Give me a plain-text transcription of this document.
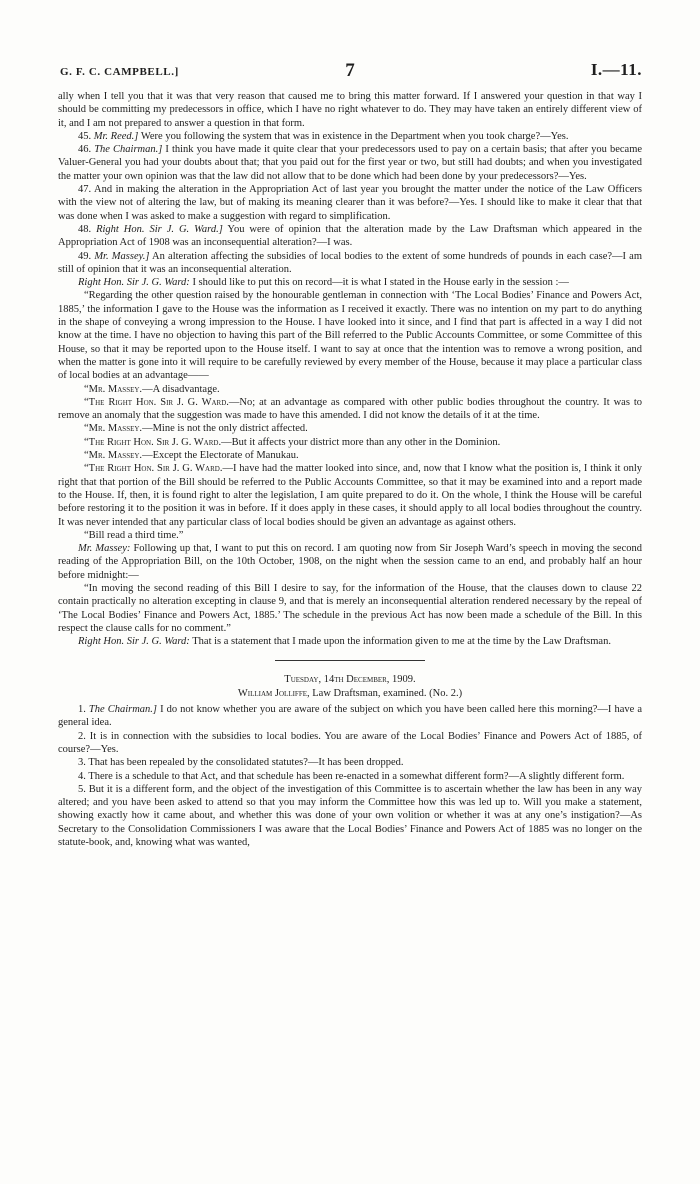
G. F. C. CAMPBELL.]	7	I.—11.

ally when I tell you that it was that very reason that caused me to bring this matter forward. If I answered your question in that way I should be committing my predecessors in office, which I have no right whatever to do. They may have taken an entirely different view of it, and I am not prepared to answer a question in that form.

45. Mr. Reed.] Were you following the system that was in existence in the Department when you took charge?—Yes.

46. The Chairman.] I think you have made it quite clear that your predecessors used to pay on a certain basis; that after you became Valuer-General you had your doubts about that; that you paid out for the first year or two, but still had doubts; and when you investigated the matter your own opinion was that the law did not allow that to be done which had been done by your predecessors?—Yes.

47. And in making the alteration in the Appropriation Act of last year you brought the matter under the notice of the Law Officers with the view not of altering the law, but of making its meaning clearer than it was before?—Yes. I should like to make it clear that that was done when I was asked to make a suggestion with regard to simplification.

48. Right Hon. Sir J. G. Ward.] You were of opinion that the alteration made by the Law Draftsman which appeared in the Appropriation Act of 1908 was an inconsequential alteration?—I was.

49. Mr. Massey.] An alteration affecting the subsidies of local bodies to the extent of some hundreds of pounds in each case?—I am still of opinion that it was an inconsequential alteration.

Right Hon. Sir J. G. Ward: I should like to put this on record—it is what I stated in the House early in the session :—

“Regarding the other question raised by the honourable gentleman in connection with ‘The Local Bodies’ Finance and Powers Act, 1885,’ the information I gave to the House was the information as I received it exactly. There was no intention on my part to do anything in the shape of conveying a wrong impression to the House. I have looked into it since, and I find that part is affected in a way I did not know at the time. I have no objection to having this part of the Bill referred to the Public Accounts Committee, or some Committee of this House, so that it may be reported upon to the House itself. I want to say at once that the intention was to remove a wrong position, and when the matter is gone into it will require to be carefully reviewed by every member of the House, because it may place a particular class of local bodies at an advantage——

“Mr. Massey.—A disadvantage.

“The Right Hon. Sir J. G. Ward.—No; at an advantage as compared with other public bodies throughout the country. It was to remove an anomaly that the suggestion was made to have this amended. I did not know the details of it at the time.

“Mr. Massey.—Mine is not the only district affected.

“The Right Hon. Sir J. G. Ward.—But it affects your district more than any other in the Dominion.

“Mr. Massey.—Except the Electorate of Manukau.

“The Right Hon. Sir J. G. Ward.—I have had the matter looked into since, and, now that I know what the position is, I think it only right that that portion of the Bill should be referred to the Public Accounts Committee, so that it may be examined into and a report made to the House. If, then, it is found right to alter the legislation, I am quite prepared to do it. On the whole, I think the House will be careful before restoring it to the position it was in before. If it does apply in these cases, it should apply to all local bodies throughout the country. It was never intended that any particular class of local bodies should be given an advantage as against others.

“Bill read a third time.”

Mr. Massey: Following up that, I want to put this on record. I am quoting now from Sir Joseph Ward’s speech in moving the second reading of the Appropriation Bill, on the 10th October, 1908, on the night when the session came to an end, and probably half an hour before midnight:—

“In moving the second reading of this Bill I desire to say, for the information of the House, that the clauses down to clause 22 contain practically no alteration excepting in clause 9, and that is merely an inconsequential alteration rendered necessary by the repeal of ‘The Local Bodies’ Finance and Powers Act, 1885.’ The schedule in the previous Act has now been made a schedule of the Bill. In this respect the clause calls for no comment.”

Right Hon. Sir J. G. Ward: That is a statement that I made upon the information given to me at the time by the Law Draftsman.

Tuesday, 14th December, 1909.

William Jolliffe, Law Draftsman, examined. (No. 2.)

1. The Chairman.] I do not know whether you are aware of the subject on which you have been called here this morning?—I have a general idea.

2. It is in connection with the subsidies to local bodies. You are aware of the Local Bodies’ Finance and Powers Act of 1885, of course?—Yes.

3. That has been repealed by the consolidated statutes?—It has been dropped.

4. There is a schedule to that Act, and that schedule has been re-enacted in a somewhat different form?—A slightly different form.

5. But it is a different form, and the object of the investigation of this Committee is to ascertain whether the law has been in any way altered; and you have been asked to attend so that you may inform the Committee how this was led up to. Will you make a statement, showing exactly how it came about, and whether this was done of your own volition or whether it was at any one’s instigation?—As Secretary to the Consolidation Commissioners I was aware that the Local Bodies’ Finance and Powers Act of 1885 was no longer on the statute-book, and, knowing what was wanted,
